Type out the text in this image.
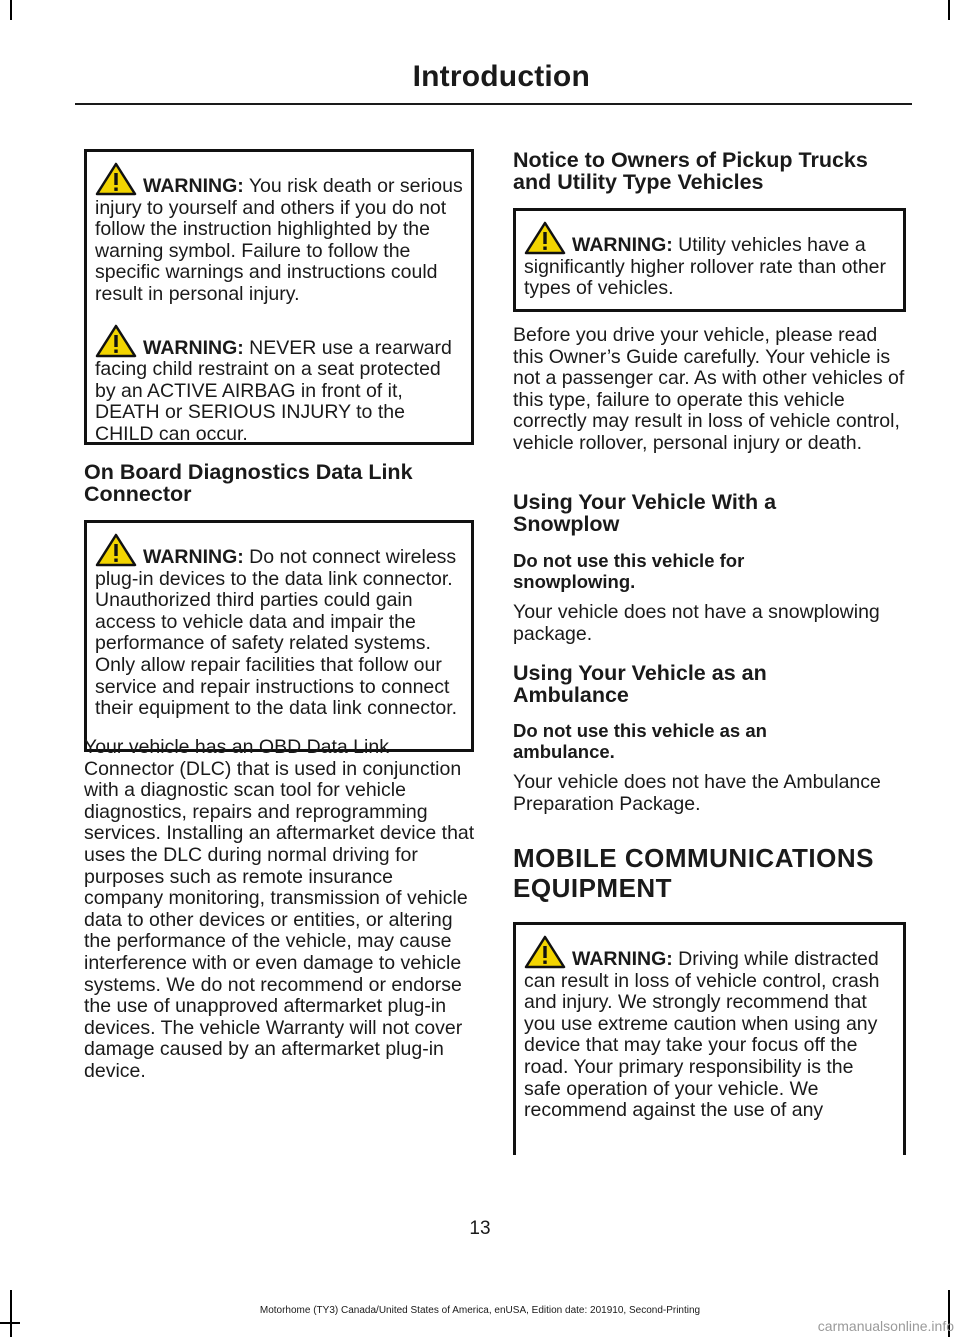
Introduction

WARNING: You risk death or serious injury to yourself and others if you do not follow the instruction highlighted by the warning symbol. Failure to follow the specific warnings and instructions could result in personal injury.

WARNING: NEVER use a rearward facing child restraint on a seat protected by an ACTIVE AIRBAG in front of it, DEATH or SERIOUS INJURY to the CHILD can occur.

On Board Diagnostics Data Link Connector

WARNING: Do not connect wireless plug-in devices to the data link connector. Unauthorized third parties could gain access to vehicle data and impair the performance of safety related systems. Only allow repair facilities that follow our service and repair instructions to connect their equipment to the data link connector.

Your vehicle has an OBD Data Link Connector (DLC) that is used in conjunction with a diagnostic scan tool for vehicle diagnostics, repairs and reprogramming services. Installing an aftermarket device that uses the DLC during normal driving for purposes such as remote insurance company monitoring, transmission of vehicle data to other devices or entities, or altering the performance of the vehicle, may cause interference with or even damage to vehicle systems. We do not recommend or endorse the use of unapproved aftermarket plug-in devices. The vehicle Warranty will not cover damage caused by an aftermarket plug-in device.

Notice to Owners of Pickup Trucks and Utility Type Vehicles

WARNING: Utility vehicles have a significantly higher rollover rate than other types of vehicles.

Before you drive your vehicle, please read this Owner’s Guide carefully. Your vehicle is not a passenger car. As with other vehicles of this type, failure to operate this vehicle correctly may result in loss of vehicle control, vehicle rollover, personal injury or death.

Using Your Vehicle With a Snowplow
Do not use this vehicle for snowplowing.

Your vehicle does not have a snowplowing package.

Using Your Vehicle as an Ambulance
Do not use this vehicle as an ambulance.

Your vehicle does not have the Ambulance Preparation Package.

MOBILE COMMUNICATIONS
EQUIPMENT

WARNING: Driving while distracted can result in loss of vehicle control, crash and injury. We strongly recommend that you use extreme caution when using any device that may take your focus off the road. Your primary responsibility is the safe operation of your vehicle. We recommend against the use of any

13
Motorhome (TY3) Canada/United States of America, enUSA, Edition date: 201910, Second-Printing
carmanualsonline.info
